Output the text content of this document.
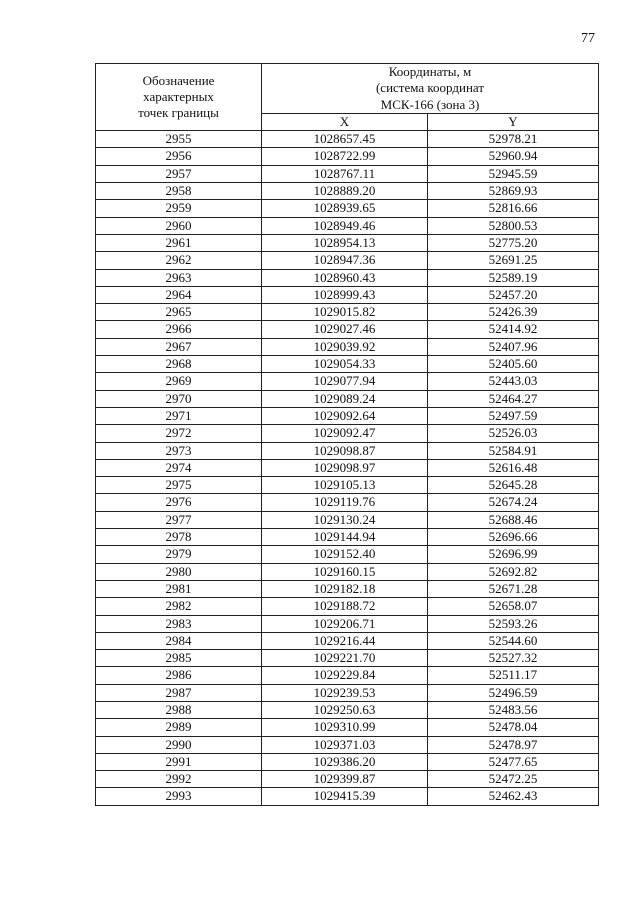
77
Обозначение
характерных
точек границы	Координаты, м
(система координат
МСК-166 (зона 3)	

	X	Y
2955	1028657.45	52978.21
2956	1028722.99	52960.94
2957	1028767.11	52945.59
2958	1028889.20	52869.93
2959	1028939.65	52816.66
2960	1028949.46	52800.53
2961	1028954.13	52775.20
2962	1028947.36	52691.25
2963	1028960.43	52589.19
2964	1028999.43	52457.20
2965	1029015.82	52426.39
2966	1029027.46	52414.92
2967	1029039.92	52407.96
2968	1029054.33	52405.60
2969	1029077.94	52443.03
2970	1029089.24	52464.27
2971	1029092.64	52497.59
2972	1029092.47	52526.03
2973	1029098.87	52584.91
2974	1029098.97	52616.48
2975	1029105.13	52645.28
2976	1029119.76	52674.24
2977	1029130.24	52688.46
2978	1029144.94	52696.66
2979	1029152.40	52696.99
2980	1029160.15	52692.82
2981	1029182.18	52671.28
2982	1029188.72	52658.07
2983	1029206.71	52593.26
2984	1029216.44	52544.60
2985	1029221.70	52527.32
2986	1029229.84	52511.17
2987	1029239.53	52496.59
2988	1029250.63	52483.56
2989	1029310.99	52478.04
2990	1029371.03	52478.97
2991	1029386.20	52477.65
2992	1029399.87	52472.25
2993	1029415.39	52462.43
